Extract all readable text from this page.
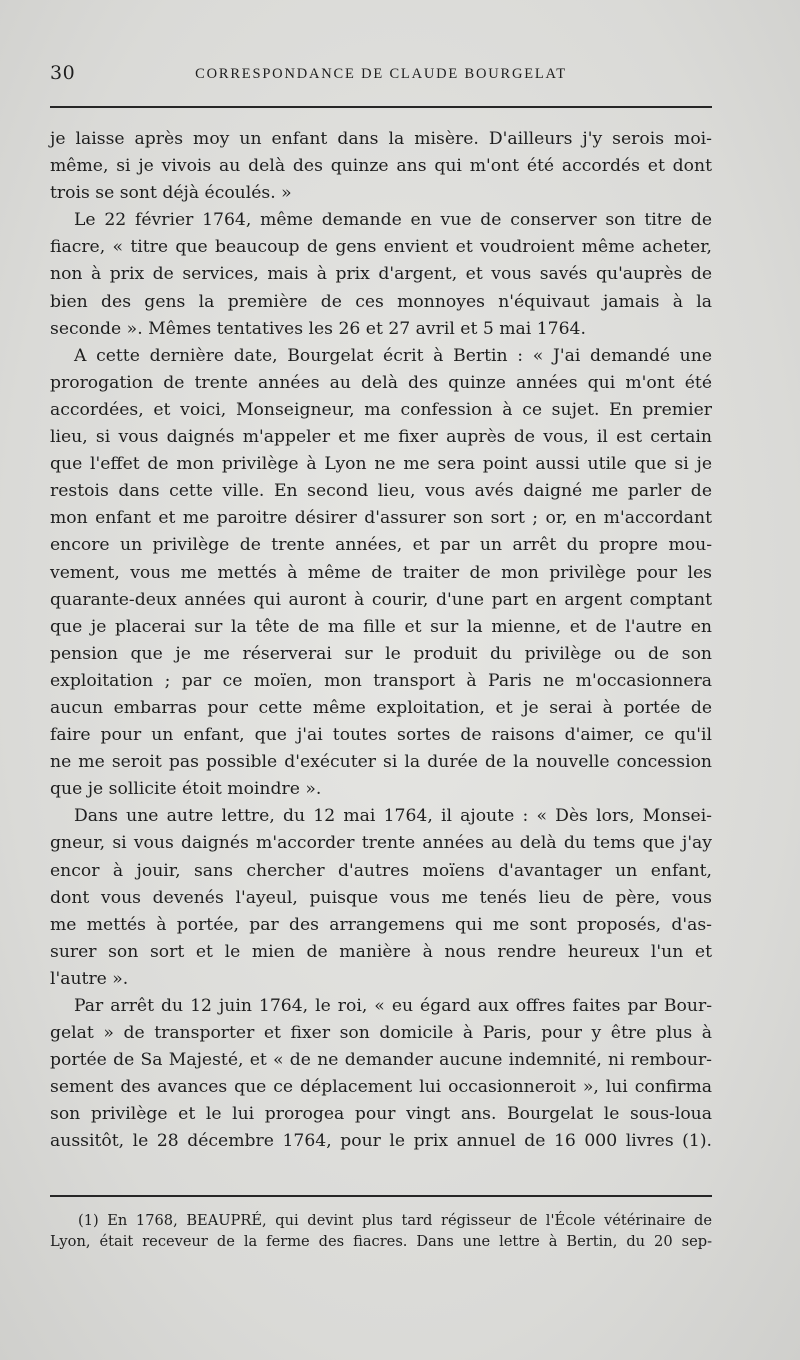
30	CORRESPONDANCE DE CLAUDE BOURGELAT
je laisse après moy un enfant dans la misère. D'ailleurs j'y serois moi-
même, si je vivois au delà des quinze ans qui m'ont été accordés et dont
trois se sont déjà écoulés. »
Le 22 février 1764, même demande en vue de conserver son titre de
fiacre, « titre que beaucoup de gens envient et voudroient même acheter,
non à prix de services, mais à prix d'argent, et vous savés qu'auprès de
bien des gens la première de ces monnoyes n'équivaut jamais à la
seconde ». Mêmes tentatives les 26 et 27 avril et 5 mai 1764.
A cette dernière date, Bourgelat écrit à Bertin : « J'ai demandé une
prorogation de trente années au delà des quinze années qui m'ont été
accordées, et voici, Monseigneur, ma confession à ce sujet. En premier
lieu, si vous daignés m'appeler et me fixer auprès de vous, il est certain
que l'effet de mon privilège à Lyon ne me sera point aussi utile que si je
restois dans cette ville. En second lieu, vous avés daigné me parler de
mon enfant et me paroitre désirer d'assurer son sort ; or, en m'accordant
encore un privilège de trente années, et par un arrêt du propre mou-
vement, vous me mettés à même de traiter de mon privilège pour les
quarante-deux années qui auront à courir, d'une part en argent comptant
que je placerai sur la tête de ma fille et sur la mienne, et de l'autre en
pension que je me réserverai sur le produit du privilège ou de son
exploitation ; par ce moïen, mon transport à Paris ne m'occasionnera
aucun embarras pour cette même exploitation, et je serai à portée de
faire pour un enfant, que j'ai toutes sortes de raisons d'aimer, ce qu'il
ne me seroit pas possible d'exécuter si la durée de la nouvelle concession
que je sollicite étoit moindre ».
Dans une autre lettre, du 12 mai 1764, il ajoute : « Dès lors, Monsei-
gneur, si vous daignés m'accorder trente années au delà du tems que j'ay
encor à jouir, sans chercher d'autres moïens d'avantager un enfant,
dont vous devenés l'ayeul, puisque vous me tenés lieu de père, vous
me mettés à portée, par des arrangemens qui me sont proposés, d'as-
surer son sort et le mien de manière à nous rendre heureux l'un et
l'autre ».
Par arrêt du 12 juin 1764, le roi, « eu égard aux offres faites par Bour-
gelat » de transporter et fixer son domicile à Paris, pour y être plus à
portée de Sa Majesté, et « de ne demander aucune indemnité, ni rembour-
sement des avances que ce déplacement lui occasionneroit », lui confirma
son privilège et le lui prorogea pour vingt ans. Bourgelat le sous-loua
aussitôt, le 28 décembre 1764, pour le prix annuel de 16 000 livres (1).
(1) En 1768, BEAUPRÉ, qui devint plus tard régisseur de l'École vétérinaire de
Lyon, était receveur de la ferme des fiacres. Dans une lettre à Bertin, du 20 sep-
